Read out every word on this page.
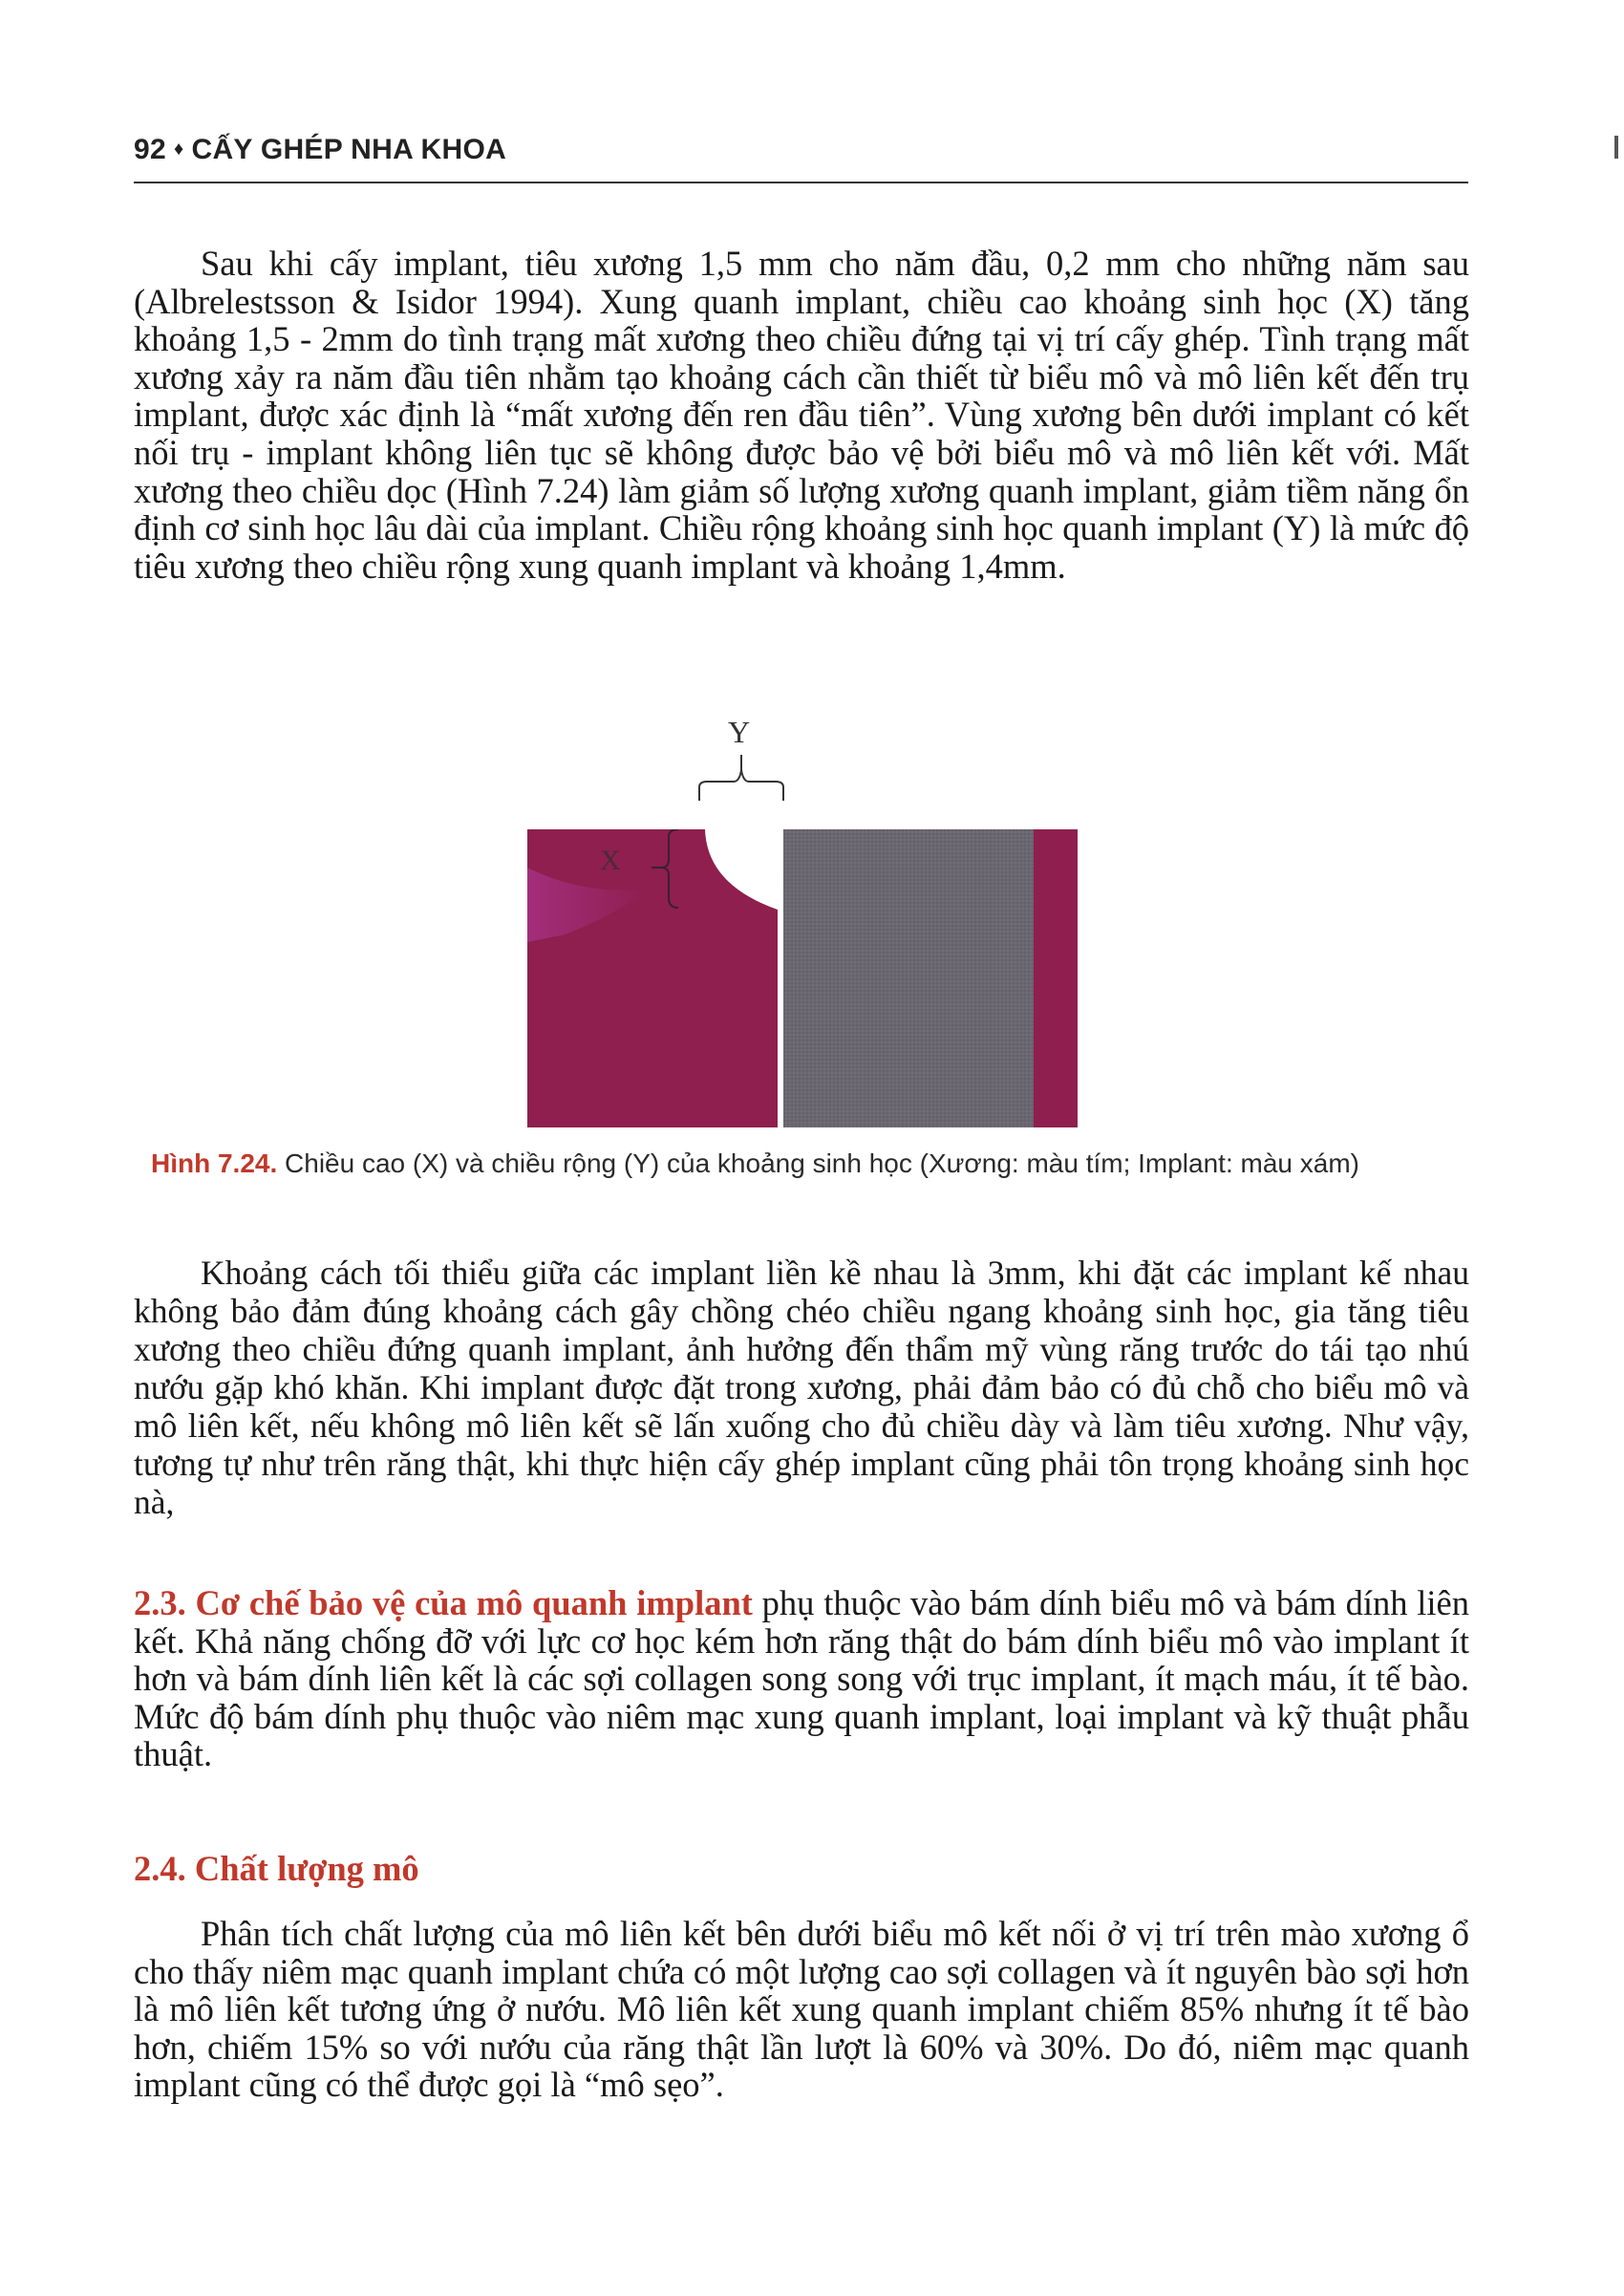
92 ♦ CẤY GHÉP NHA KHOA

Sau khi cấy implant, tiêu xương 1,5 mm cho năm đầu, 0,2 mm cho những năm sau (Albrelestsson & Isidor 1994). Xung quanh implant, chiều cao khoảng sinh học (X) tăng khoảng 1,5 - 2mm do tình trạng mất xương theo chiều đứng tại vị trí cấy ghép. Tình trạng mất xương xảy ra năm đầu tiên nhằm tạo khoảng cách cần thiết từ biểu mô và mô liên kết đến trụ implant, được xác định là “mất xương đến ren đầu tiên”. Vùng xương bên dưới implant có kết nối trụ - implant không liên tục sẽ không được bảo vệ bởi biểu mô và mô liên kết với. Mất xương theo chiều dọc (Hình 7.24) làm giảm số lượng xương quanh implant, giảm tiềm năng ổn định cơ sinh học lâu dài của implant. Chiều rộng khoảng sinh học quanh implant (Y) là mức độ tiêu xương theo chiều rộng xung quanh implant và khoảng 1,4mm.

Y
X

Hình 7.24. Chiều cao (X) và chiều rộng (Y) của khoảng sinh học (Xương: màu tím; Implant: màu xám)

Khoảng cách tối thiểu giữa các implant liền kề nhau là 3mm, khi đặt các implant kế nhau không bảo đảm đúng khoảng cách gây chồng chéo chiều ngang khoảng sinh học, gia tăng tiêu xương theo chiều đứng quanh implant, ảnh hưởng đến thẩm mỹ vùng răng trước do tái tạo nhú nướu gặp khó khăn. Khi implant được đặt trong xương, phải đảm bảo có đủ chỗ cho biểu mô và mô liên kết, nếu không mô liên kết sẽ lấn xuống cho đủ chiều dày và làm tiêu xương. Như vậy, tương tự như trên răng thật, khi thực hiện cấy ghép implant cũng phải tôn trọng khoảng sinh học nà,

2.3. Cơ chế bảo vệ của mô quanh implant phụ thuộc vào bám dính biểu mô và bám dính liên kết. Khả năng chống đỡ với lực cơ học kém hơn răng thật do bám dính biểu mô vào implant ít hơn và bám dính liên kết là các sợi collagen song song với trục implant, ít mạch máu, ít tế bào. Mức độ bám dính phụ thuộc vào niêm mạc xung quanh implant, loại implant và kỹ thuật phẫu thuật.

2.4. Chất lượng mô

Phân tích chất lượng của mô liên kết bên dưới biểu mô kết nối ở vị trí trên mào xương ổ cho thấy niêm mạc quanh implant chứa có một lượng cao sợi collagen và ít nguyên bào sợi hơn là mô liên kết tương ứng ở nướu. Mô liên kết xung quanh implant chiếm 85% nhưng ít tế bào hơn, chiếm 15% so với nướu của răng thật lần lượt là 60% và 30%. Do đó, niêm mạc quanh implant cũng có thể được gọi là “mô sẹo”.
